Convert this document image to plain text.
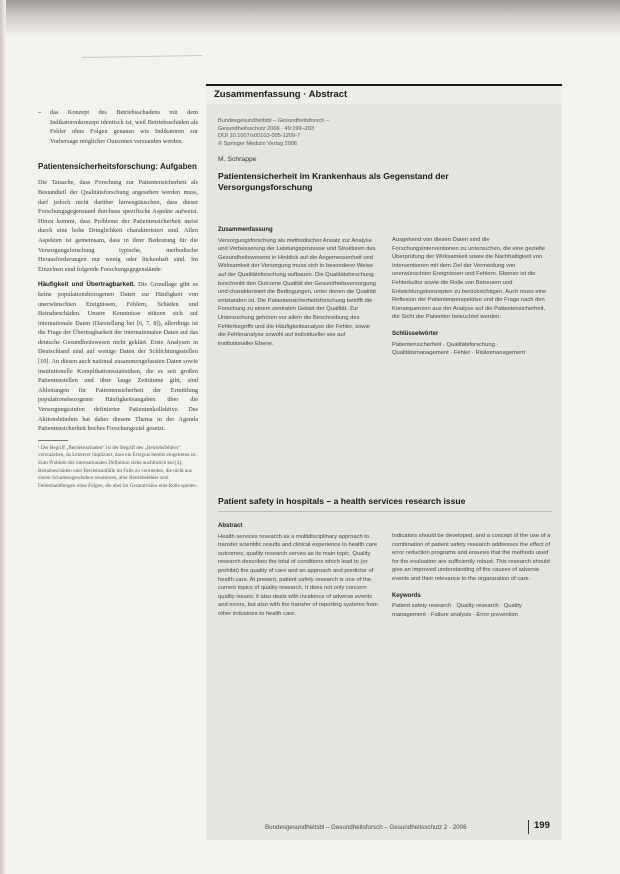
–	das Konzept des Betriebsschadens mit dem Indikatorenkonzept identisch ist, weil Betriebsschäden als Fehler ohne Folgen genauso wie Indikatoren zur Vorhersage möglicher Outcomes verstanden werden.

Patientensicherheitsforschung: Aufgaben

Die Tatsache, dass Forschung zur Patientensicherheit als Bestandteil der Qualitätsforschung angesehen werden muss, darf jedoch nicht darüber hinwegtäuschen, dass dieser Forschungsgegenstand durchaus spezifische Aspekte aufweist. Hinzu kommt, dass Probleme der Patientensicherheit meist durch eine hohe Dringlichkeit charakterisiert sind. Allen Aspekten ist gemeinsam, dass in ihrer Bedeutung für die Versorgungsforschung typische, methodische Herausforderungen nur wenig oder lückenhaft sind. Im Einzelnen sind folgende Forschungsgegenstände:

Häufigkeit und Übertragbarkeit. Die Grundlage gibt es keine populationsbezogenen Daten zur Häufigkeit von unerwünschten Ereignissen, Fehlern, Schäden und Beinaheschäden. Unsere Kenntnisse stützen sich auf internationale Daten (Darstellung bei [6, 7, 8]), allerdings ist die Frage der Übertragbarkeit der internationalen Daten auf das deutsche Gesundheitswesen nicht geklärt. Erste Analysen in Deutschland sind auf wenige Daten der Schlichtungsstellen [10]. An diesen auch national zusammengefassten Daten sowie institutionelle Komplikationsstatistiken, die es seit großen Patientenstellen und über lange Zeiträume gibt, sind Ableitungen für Patientensicherheit der Ermittlung populationsbezogener Häufigkeitsangaben über die Versorgungsstufen definierter Patientenkollektive. Das Aktionsbündnis hat daher diesem Thema in der Agenda Patientensicherheit hoches Forschungsziel gesetzt.

¹ Der Begriff „Betriebsschaden“ ist der Begriff des „Betriebsfehlers“ vorzuziehen, da Letzterer impliziert, dass ein Ereignis bereits eingetreten ist. Zum Problem der internationalen Definition siehe ausführlich bei [4]. Beinaheschäden oder Betriebsunfälle im Falle zu vermeiden, die nicht aus einem Schadensgeschehen resultieren, aber Betriebsfehler sind Fehlerhandlungen ohne Folgen, die aber im Gesamtrisiko eine Rolle spielen.
Zusammenfassung · Abstract
Bundesgesundheitsbl – Gesundheitsforsch –
Gesundheitsschutz 2006 · 49:199–203
DOI 10.1007/s00103-005-1209-7
© Springer Medizin Verlag 2006
M. Schrappe
Patientensicherheit im Krankenhaus als Gegenstand der Versorgungsforschung
Zusammenfassung

Versorgungsforschung als methodischer Ansatz zur Analyse und Verbesserung der Leistungsprozesse und Strukturen des Gesundheitswesens in Hinblick auf die Angemessenheit und Wirksamkeit der Versorgung muss sich in besonderer Weise auf der Qualitätsforschung aufbauen. Die Qualitätsforschung beschreibt den Outcome Qualität der Gesundheitsversorgung und charakterisiert die Bedingungen, unter denen die Qualität entstanden ist. Die Patientensicherheitsforschung betrifft die Forschung zu einem zentralen Gebiet der Qualität. Zur Untersuchung gehören vor allem die Beschreibung des Fehlerbegriffs und die Häufigkeitsanalyse der Fehler, sowie die Fehleranalyse sowohl auf individueller wie auf institutioneller Ebene.

Ausgehend von diesen Daten sind die Forschungsinterventionen zu untersuchen, die eine gezielte Überprüfung der Wirksamkeit sowie die Nachhaltigkeit von Interventionen mit dem Ziel der Vermeidung von unerwünschten Ereignissen und Fehlern. Ebenso ist die Fehlerkultur sowie die Rolle von Betreuern und Entwicklungskonzepten zu berücksichtigen. Auch muss eine Reflexion der Patientenperspektive und die Frage nach den Konsequenzen aus der Analyse auf die Patientensicherheit, die Sicht der Patienten beleuchtet werden.

Schlüsselwörter

Patientensicherheit · Qualitätsforschung · Qualitätsmanagement · Fehler · Risikomanagement

Patient safety in hospitals – a health services research issue
Abstract

Health services research as a multidisciplinary approach to transfer scientific results and clinical experience to health care outcomes, quality research serves as its main topic. Quality research describes the total of conditions which lead to (or prohibit) the quality of care and an approach and predictor of health care. At present, patient safety research is one of the current topics of quality research. It does not only concern quality issues; it also deals with incidence of adverse events and errors, but also with the transfer of reporting systems from other industries to health care.

Indicators should be developed, and a concept of the use of a combination of patient safety research addresses the effect of error reduction programs and ensures that the methods used for the evaluation are sufficiently robust. This research should give an improved understanding of the causes of adverse events and their relevance to the organization of care.

Keywords

Patient safety research · Quality research · Quality management · Failure analysis · Error prevention

Bundesgesundheitsbl – Gesundheitsforsch – Gesundheitsschutz 2 · 2006	199
